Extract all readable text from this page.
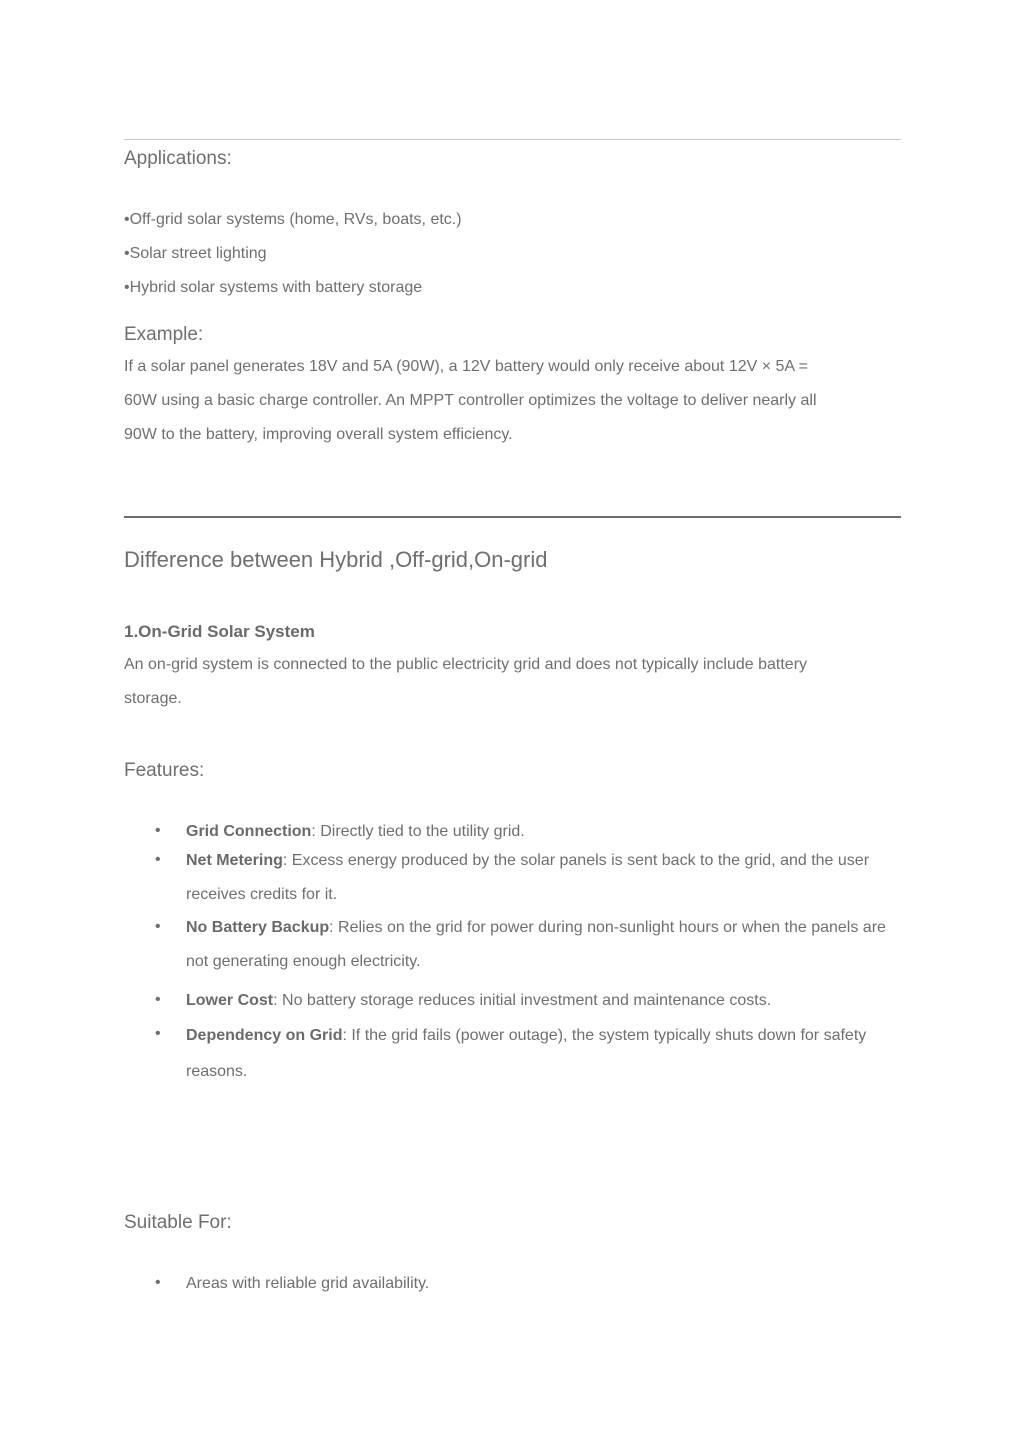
Applications:
•Off-grid solar systems (home, RVs, boats, etc.)
•Solar street lighting
•Hybrid solar systems with battery storage
Example:
If a solar panel generates 18V and 5A (90W), a 12V battery would only receive about 12V × 5A =
60W using a basic charge controller. An MPPT controller optimizes the voltage to deliver nearly all
90W to the battery, improving overall system efficiency.
Difference between Hybrid ,Off-grid,On-grid
1.On-Grid Solar System
An on-grid system is connected to the public electricity grid and does not typically include battery
storage.
Features:
• Grid Connection: Directly tied to the utility grid.
• Net Metering: Excess energy produced by the solar panels is sent back to the grid, and the user receives credits for it.
• No Battery Backup: Relies on the grid for power during non-sunlight hours or when the panels are not generating enough electricity.
• Lower Cost: No battery storage reduces initial investment and maintenance costs.
• Dependency on Grid: If the grid fails (power outage), the system typically shuts down for safety reasons.
Suitable For:
• Areas with reliable grid availability.
